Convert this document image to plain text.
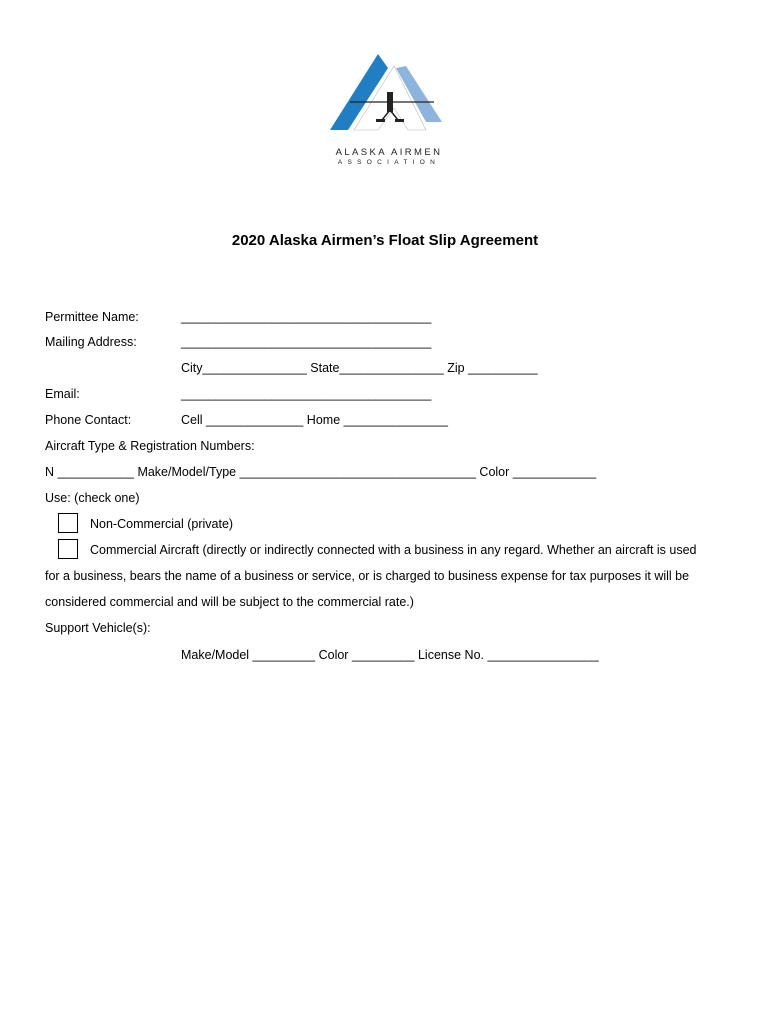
ALASKA AIRMEN
ASSOCIATION
2020 Alaska Airmen’s Float Slip Agreement
Permittee Name:	____________________________________
Mailing Address:	____________________________________
City_______________ State_______________ Zip __________
Email:	____________________________________
Phone Contact:	Cell ______________ Home _______________
Aircraft Type & Registration Numbers:
N ___________ Make/Model/Type __________________________________ Color ____________
Use: (check one)
Non-Commercial (private)
Commercial Aircraft (directly or indirectly connected with a business in any regard. Whether an aircraft is used
for a business, bears the name of a business or service, or is charged to business expense for tax purposes it will be
considered commercial and will be subject to the commercial rate.)
Support Vehicle(s):
Make/Model _________ Color _________ License No. ________________
